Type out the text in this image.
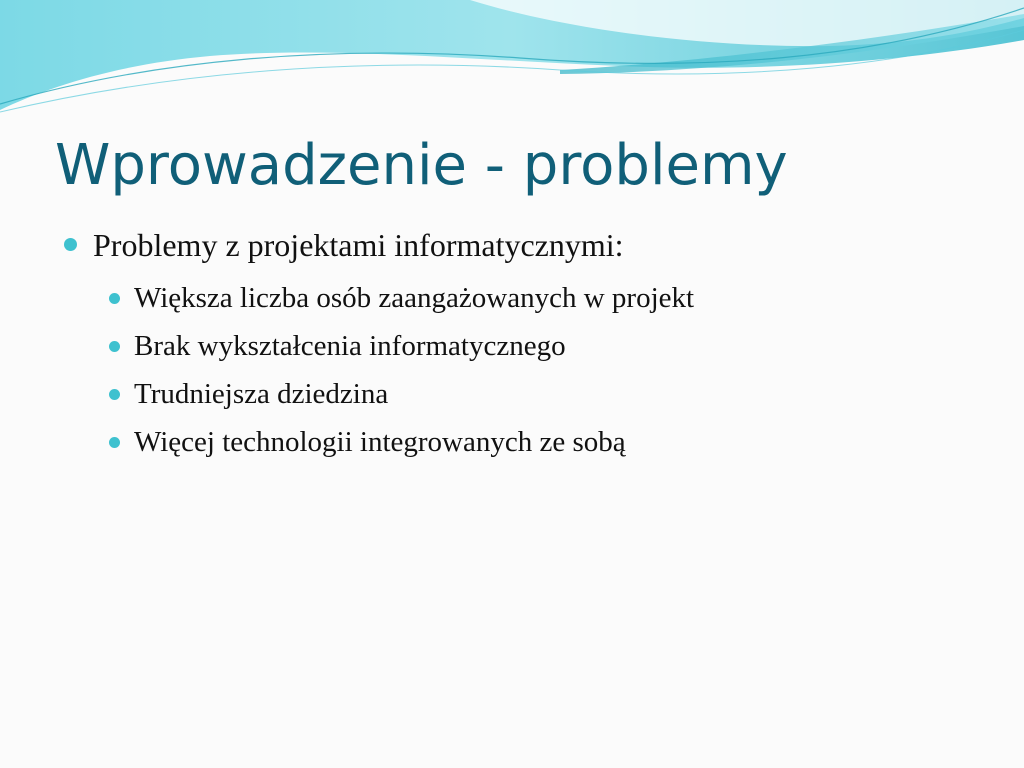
Wprowadzenie - problemy
Problemy z projektami informatycznymi:
Większa liczba osób zaangażowanych w projekt
Brak wykształcenia informatycznego
Trudniejsza dziedzina
Więcej technologii integrowanych ze sobą
